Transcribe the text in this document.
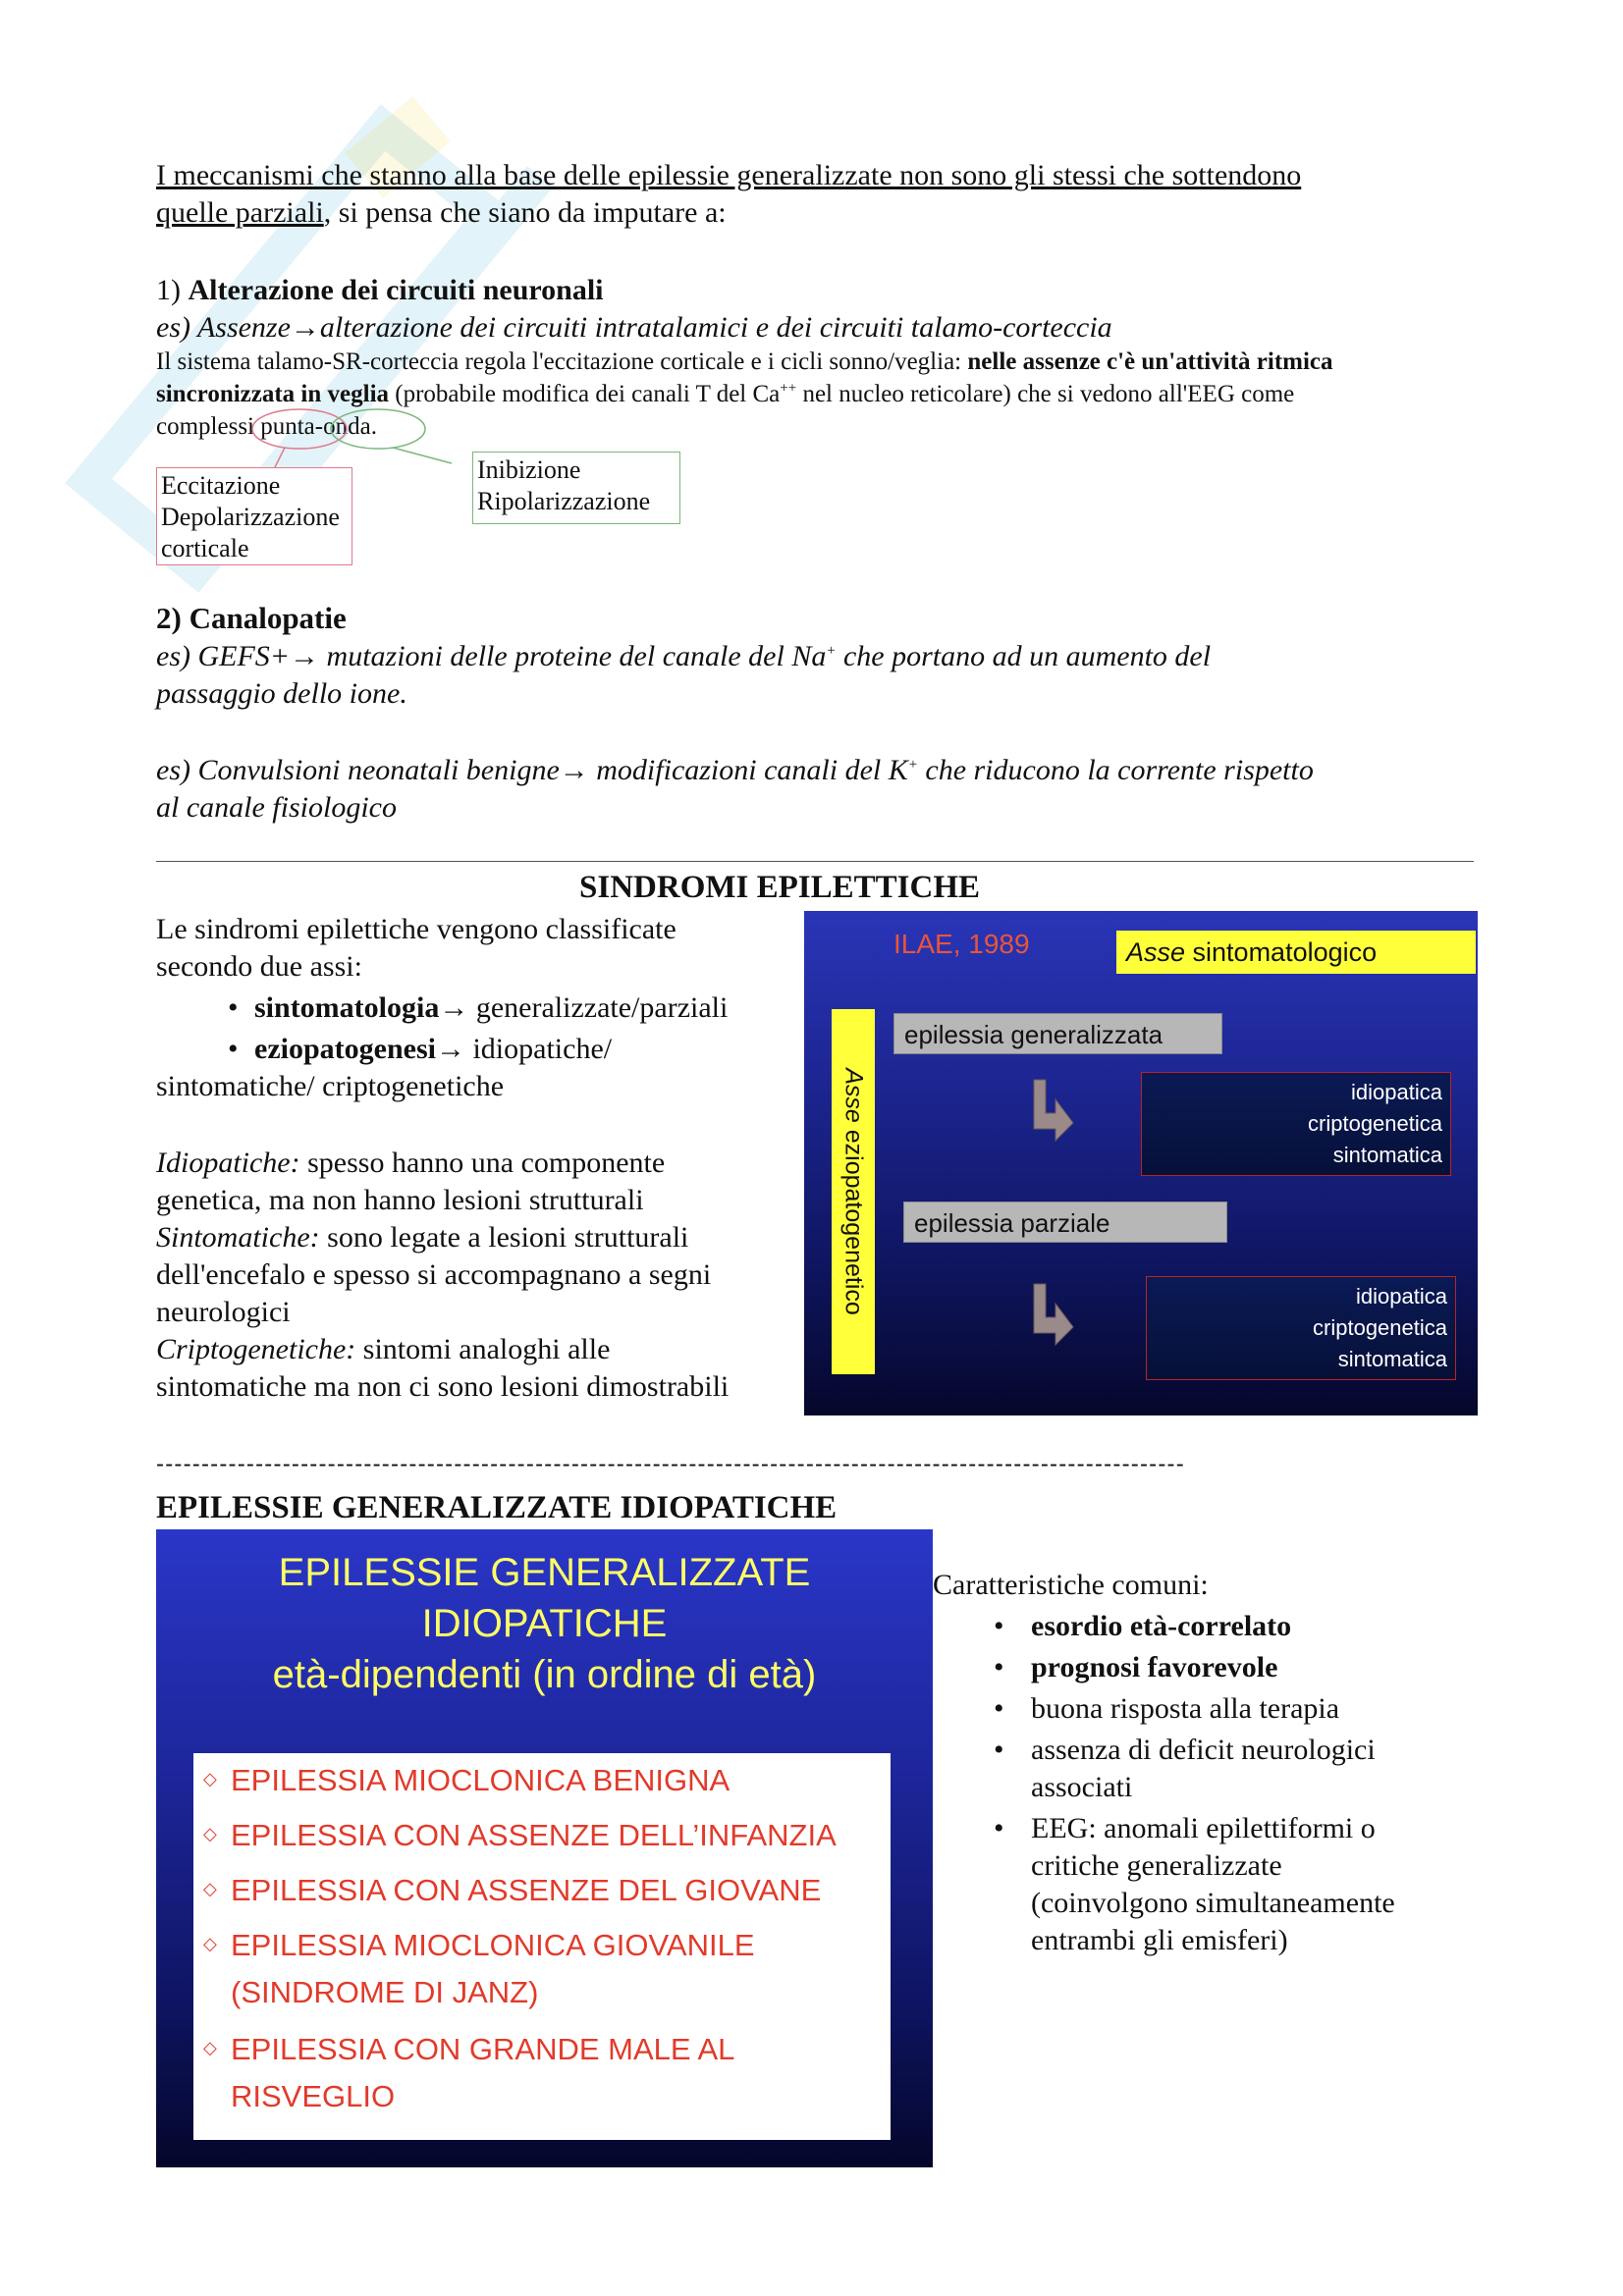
I meccanismi che stanno alla base delle epilessie generalizzate non sono gli stessi che sottendono
quelle parziali, si pensa che siano da imputare a:
1) Alterazione dei circuiti neuronali
es) Assenze→alterazione dei circuiti intratalamici e dei circuiti talamo-corteccia
Il sistema talamo-SR-corteccia regola l'eccitazione corticale e i cicli sonno/veglia: nelle assenze c'è un'attività ritmica
sincronizzata in veglia (probabile modifica dei canali T del Ca++ nel nucleo reticolare) che si vedono all'EEG come
complessi punta-onda.
Eccitazione
Depolarizzazione
corticale
Inibizione
Ripolarizzazione
2) Canalopatie
es) GEFS+→ mutazioni delle proteine del canale del Na+ che portano ad un aumento del
passaggio dello ione.
es) Convulsioni neonatali benigne→ modificazioni canali del K+ che riducono la corrente rispetto
al canale fisiologico
SINDROMI EPILETTICHE
Le sindromi epilettiche vengono classificate
secondo due assi:
• sintomatologia→ generalizzate/parziali
• eziopatogenesi→ idiopatiche/
sintomatiche/ criptogenetiche
Idiopatiche: spesso hanno una componente
genetica, ma non hanno lesioni strutturali
Sintomatiche: sono legate a lesioni strutturali
dell'encefalo e spesso si accompagnano a segni
neurologici
Criptogenetiche: sintomi analoghi alle
sintomatiche ma non ci sono lesioni dimostrabili
ILAE, 1989	Asse sintomatologico
Asse eziopatogenetico
epilessia generalizzata
idiopatica
criptogenetica
sintomatica
epilessia parziale
idiopatica
criptogenetica
sintomatica
------------------------------------------------------------------------------------------------------------------
EPILESSIE GENERALIZZATE IDIOPATICHE
EPILESSIE GENERALIZZATE
IDIOPATICHE
età-dipendenti (in ordine di età)
◇ EPILESSIA MIOCLONICA BENIGNA
◇ EPILESSIA CON ASSENZE DELL’INFANZIA
◇ EPILESSIA CON ASSENZE DEL GIOVANE
◇ EPILESSIA MIOCLONICA GIOVANILE
(SINDROME DI JANZ)
◇ EPILESSIA CON GRANDE MALE AL
RISVEGLIO
Caratteristiche comuni:
• esordio età-correlato
• prognosi favorevole
• buona risposta alla terapia
• assenza di deficit neurologici
associati
• EEG: anomali epilettiformi o
critiche generalizzate
(coinvolgono simultaneamente
entrambi gli emisferi)
